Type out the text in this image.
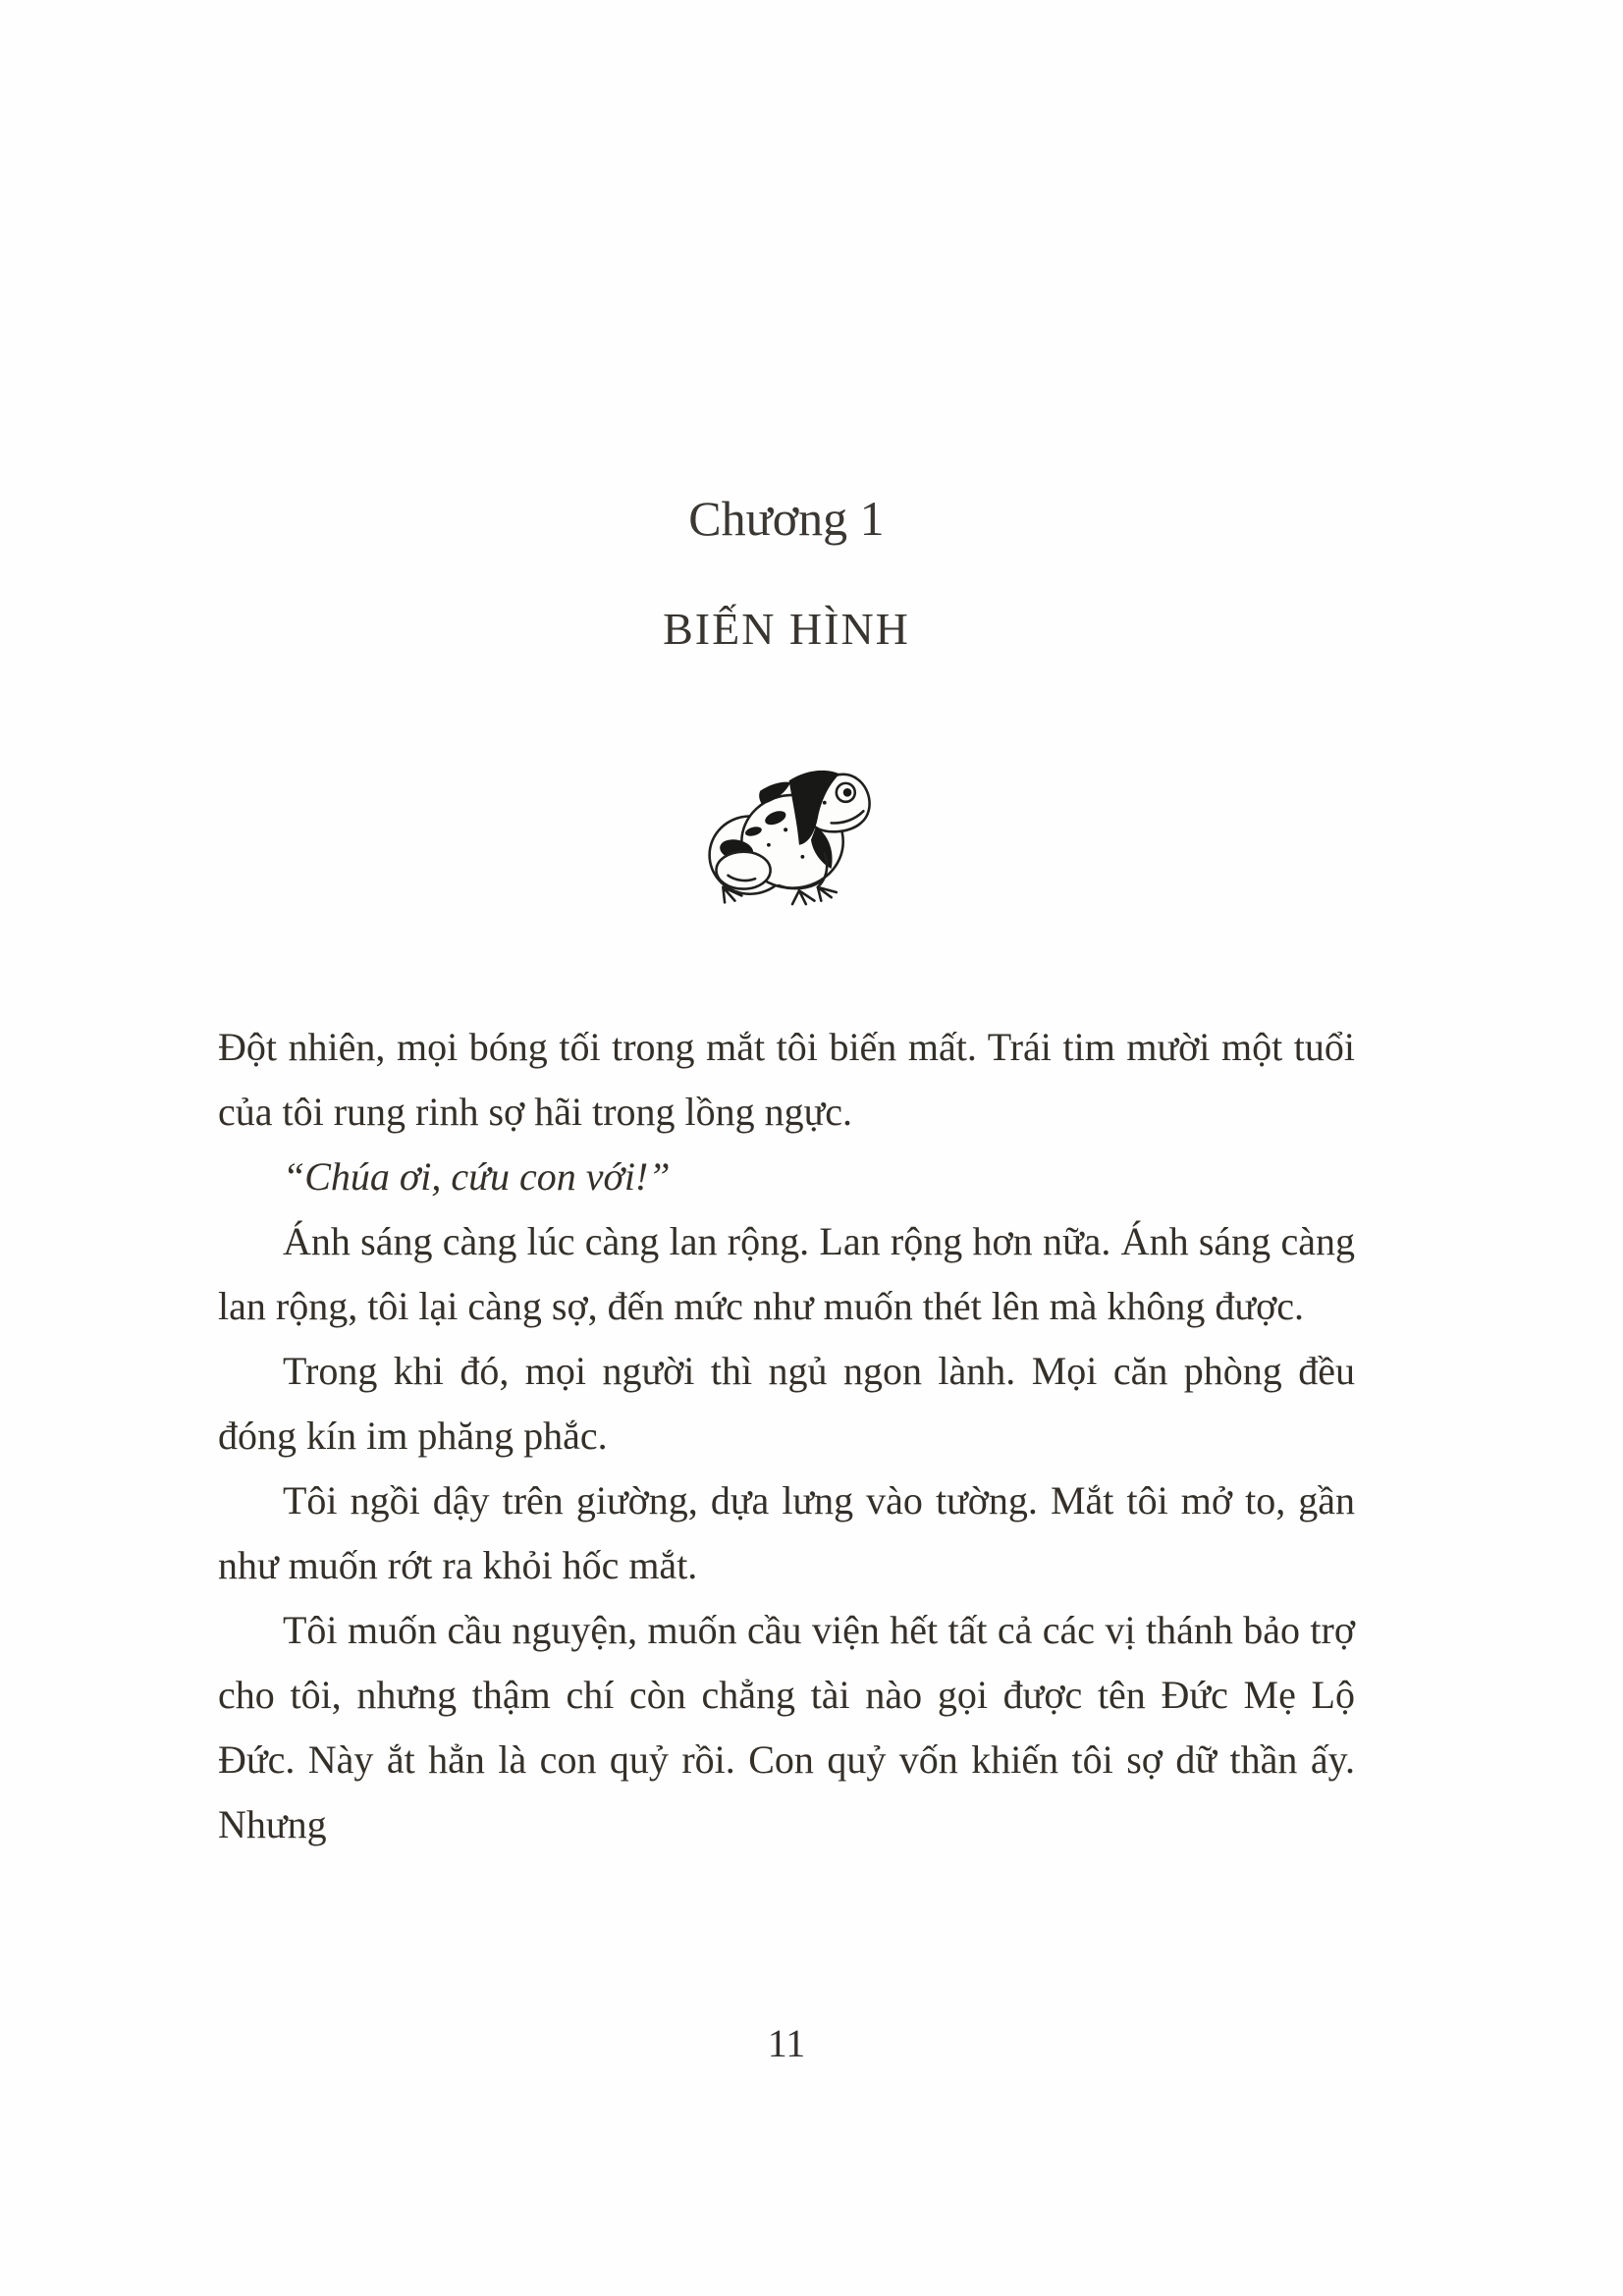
Chương 1
BIẾN HÌNH

Đột nhiên, mọi bóng tối trong mắt tôi biến mất. Trái tim mười một tuổi của tôi rung rinh sợ hãi trong lồng ngực.

“Chúa ơi, cứu con với!”

Ánh sáng càng lúc càng lan rộng. Lan rộng hơn nữa. Ánh sáng càng lan rộng, tôi lại càng sợ, đến mức như muốn thét lên mà không được.

Trong khi đó, mọi người thì ngủ ngon lành. Mọi căn phòng đều đóng kín im phăng phắc.

Tôi ngồi dậy trên giường, dựa lưng vào tường. Mắt tôi mở to, gần như muốn rớt ra khỏi hốc mắt.

Tôi muốn cầu nguyện, muốn cầu viện hết tất cả các vị thánh bảo trợ cho tôi, nhưng thậm chí còn chẳng tài nào gọi được tên Đức Mẹ Lộ Đức. Này ắt hẳn là con quỷ rồi. Con quỷ vốn khiến tôi sợ dữ thần ấy. Nhưng

11
